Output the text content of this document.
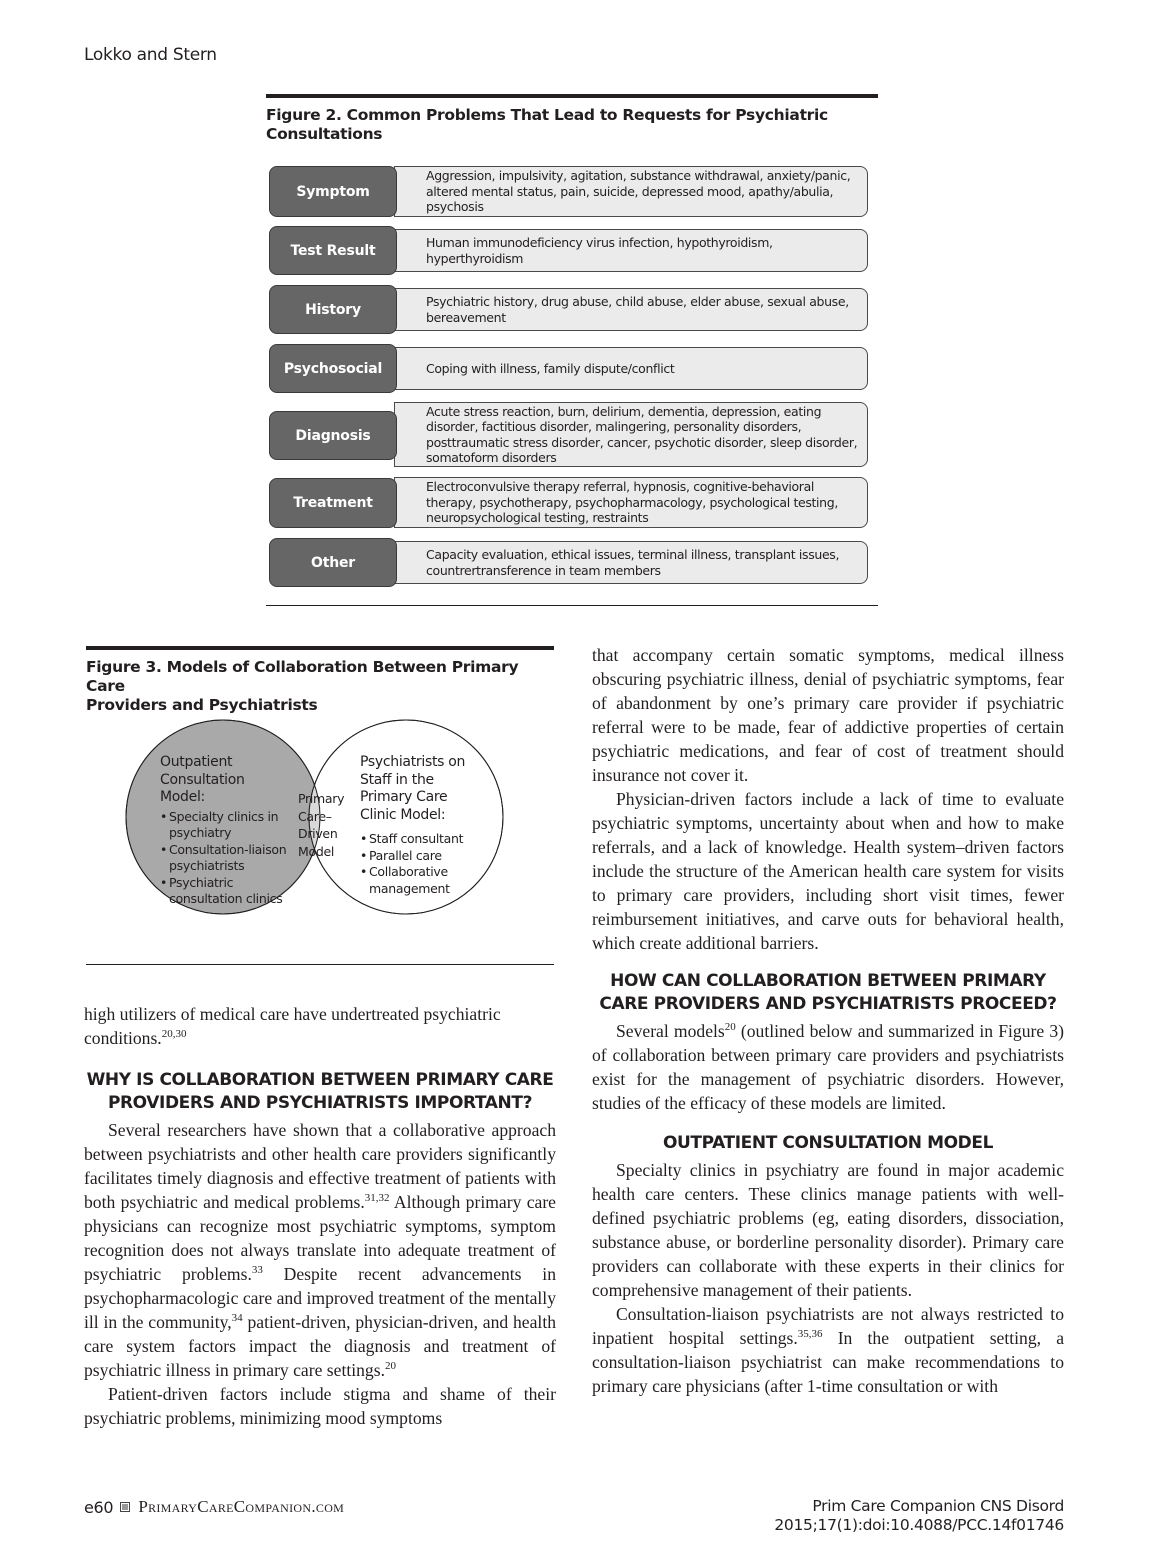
Lokko and Stern
Figure 2. Common Problems That Lead to Requests for Psychiatric
Consultations
Aggression, impulsivity, agitation, substance withdrawal, anxiety/panic, altered mental status, pain, suicide, depressed mood, apathy/abulia, psychosis
Symptom
Human immunodeficiency virus infection, hypothyroidism, hyperthyroidism
Test Result
Psychiatric history, drug abuse, child abuse, elder abuse, sexual abuse, bereavement
History
Coping with illness, family dispute/conflict
Psychosocial
Acute stress reaction, burn, delirium, dementia, depression, eating disorder, factitious disorder, malingering, personality disorders, posttraumatic stress disorder, cancer, psychotic disorder, sleep disorder, somatoform disorders
Diagnosis
Electroconvulsive therapy referral, hypnosis, cognitive-behavioral therapy, psychotherapy, psychopharmacology, psychological testing, neuropsychological testing, restraints
Treatment
Capacity evaluation, ethical issues, terminal illness, transplant issues, countrertransference in team members
Other
Figure 3. Models of Collaboration Between Primary Care
Providers and Psychiatrists
Outpatient Consultation Model:
• Specialty clinics in psychiatry
• Consultation-liaison psychiatrists
• Psychiatric consultation clinics
Primary Care–Driven Model
Psychiatrists on Staff in the Primary Care Clinic Model:
• Staff consultant
• Parallel care
• Collaborative management

high utilizers of medical care have undertreated psychiatric conditions.$^{20,30}$

WHY IS COLLABORATION BETWEEN PRIMARY CARE PROVIDERS AND PSYCHIATRISTS IMPORTANT?

Several researchers have shown that a collaborative approach between psychiatrists and other health care providers significantly facilitates timely diagnosis and effective treatment of patients with both psychiatric and medical problems.$^{31,32}$ Although primary care physicians can recognize most psychiatric symptoms, symptom recognition does not always translate into adequate treatment of psychiatric problems.$^{33}$ Despite recent advancements in psychopharmacologic care and improved treatment of the mentally ill in the community,$^{34}$ patient-driven, physician-driven, and health care system factors impact the diagnosis and treatment of psychiatric illness in primary care settings.$^{20}$

Patient-driven factors include stigma and shame of their psychiatric problems, minimizing mood symptoms

that accompany certain somatic symptoms, medical illness obscuring psychiatric illness, denial of psychiatric symptoms, fear of abandonment by one’s primary care provider if psychiatric referral were to be made, fear of addictive properties of certain psychiatric medications, and fear of cost of treatment should insurance not cover it.

Physician-driven factors include a lack of time to evaluate psychiatric symptoms, uncertainty about when and how to make referrals, and a lack of knowledge. Health system–driven factors include the structure of the American health care system for visits to primary care providers, including short visit times, fewer reimbursement initiatives, and carve outs for behavioral health, which create additional barriers.

HOW CAN COLLABORATION BETWEEN PRIMARY CARE PROVIDERS AND PSYCHIATRISTS PROCEED?

Several models$^{20}$ (outlined below and summarized in Figure 3) of collaboration between primary care providers and psychiatrists exist for the management of psychiatric disorders. However, studies of the efficacy of these models are limited.

OUTPATIENT CONSULTATION MODEL

Specialty clinics in psychiatry are found in major academic health care centers. These clinics manage patients with well-defined psychiatric problems (eg, eating disorders, dissociation, substance abuse, or borderline personality disorder). Primary care providers can collaborate with these experts in their clinics for comprehensive management of their patients.

Consultation-liaison psychiatrists are not always restricted to inpatient hospital settings.$^{35,36}$ In the outpatient setting, a consultation-liaison psychiatrist can make recommendations to primary care physicians (after 1-time consultation or with

e60 PrimaryCareCompanion.com	Prim Care Companion CNS Disord
2015;17(1):doi:10.4088/PCC.14f01746
